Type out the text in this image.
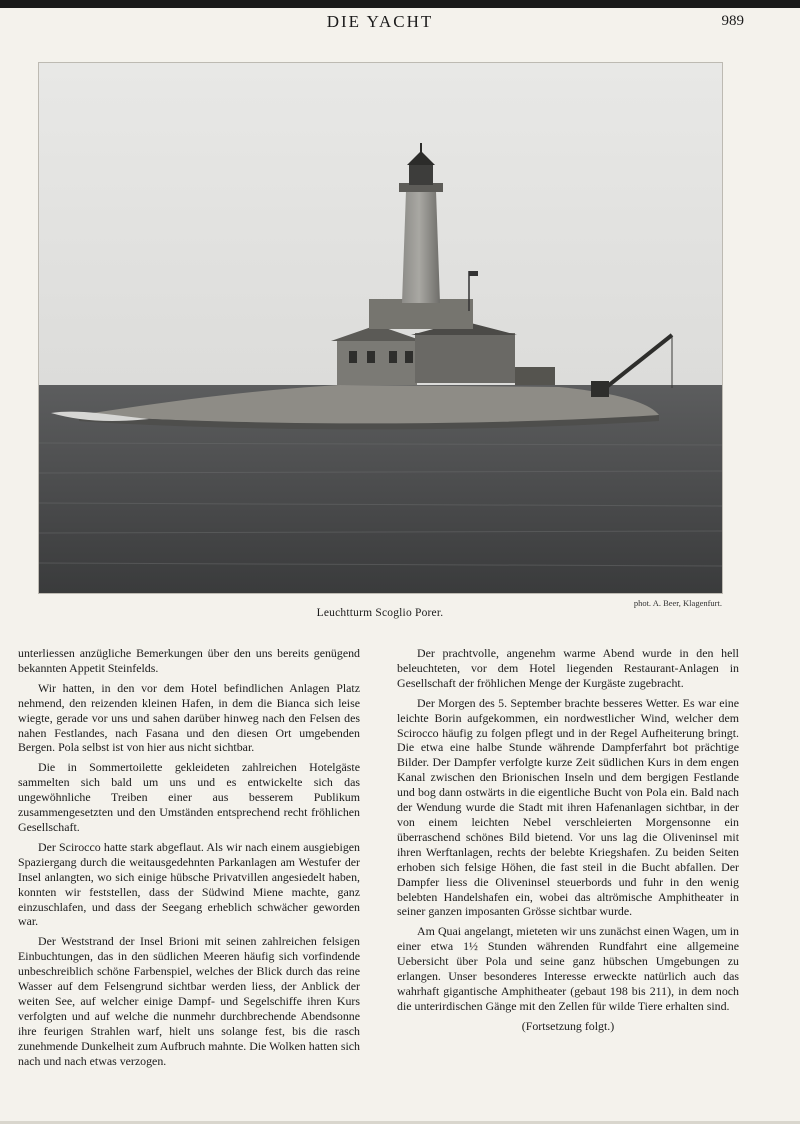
DIE YACHT	989
phot. A. Beer, Klagenfurt.
Leuchtturm Scoglio Porer.

unterliessen anzügliche Bemerkungen über den uns bereits genügend bekannten Appetit Steinfelds.

Wir hatten, in den vor dem Hotel befindlichen Anlagen Platz nehmend, den reizenden kleinen Hafen, in dem die Bianca sich leise wiegte, gerade vor uns und sahen darüber hinweg nach den Felsen des nahen Festlandes, nach Fasana und den diesen Ort umgebenden Bergen. Pola selbst ist von hier aus nicht sichtbar.

Die in Sommertoilette gekleideten zahlreichen Hotelgäste sammelten sich bald um uns und es entwickelte sich das ungewöhnliche Treiben einer aus besserem Publikum zusammengesetzten und den Umständen entsprechend recht fröhlichen Gesellschaft.

Der Scirocco hatte stark abgeflaut. Als wir nach einem ausgiebigen Spaziergang durch die weitausgedehnten Parkanlagen am Westufer der Insel anlangten, wo sich einige hübsche Privatvillen angesiedelt haben, konnten wir feststellen, dass der Südwind Miene machte, ganz einzuschlafen, und dass der Seegang erheblich schwächer geworden war.

Der Weststrand der Insel Brioni mit seinen zahlreichen felsigen Einbuchtungen, das in den südlichen Meeren häufig sich vorfindende unbeschreiblich schöne Farbenspiel, welches der Blick durch das reine Wasser auf dem Felsengrund sichtbar werden liess, der Anblick der weiten See, auf welcher einige Dampf- und Segelschiffe ihren Kurs verfolgten und auf welche die nunmehr durchbrechende Abendsonne ihre feurigen Strahlen warf, hielt uns solange fest, bis die rasch zunehmende Dunkelheit zum Aufbruch mahnte. Die Wolken hatten sich nach und nach etwas verzogen.

Der prachtvolle, angenehm warme Abend wurde in den hell beleuchteten, vor dem Hotel liegenden Restaurant-Anlagen in Gesellschaft der fröhlichen Menge der Kurgäste zugebracht.

Der Morgen des 5. September brachte besseres Wetter. Es war eine leichte Borin aufgekommen, ein nordwestlicher Wind, welcher dem Scirocco häufig zu folgen pflegt und in der Regel Aufheiterung bringt. Die etwa eine halbe Stunde währende Dampferfahrt bot prächtige Bilder. Der Dampfer verfolgte kurze Zeit südlichen Kurs in dem engen Kanal zwischen den Brionischen Inseln und dem bergigen Festlande und bog dann ostwärts in die eigentliche Bucht von Pola ein. Bald nach der Wendung wurde die Stadt mit ihren Hafenanlagen sichtbar, in der von einem leichten Nebel verschleierten Morgensonne ein überraschend schönes Bild bietend. Vor uns lag die Oliveninsel mit ihren Werftanlagen, rechts der belebte Kriegshafen. Zu beiden Seiten erhoben sich felsige Höhen, die fast steil in die Bucht abfallen. Der Dampfer liess die Oliveninsel steuerbords und fuhr in den wenig belebten Handelshafen ein, wobei das altrömische Amphitheater in seiner ganzen imposanten Grösse sichtbar wurde.

Am Quai angelangt, mieteten wir uns zunächst einen Wagen, um in einer etwa 1½ Stunden währenden Rundfahrt eine allgemeine Uebersicht über Pola und seine ganz hübschen Umgebungen zu erlangen. Unser besonderes Interesse erweckte natürlich auch das wahrhaft gigantische Amphitheater (gebaut 198 bis 211), in dem noch die unterirdischen Gänge mit den Zellen für wilde Tiere erhalten sind.

(Fortsetzung folgt.)
